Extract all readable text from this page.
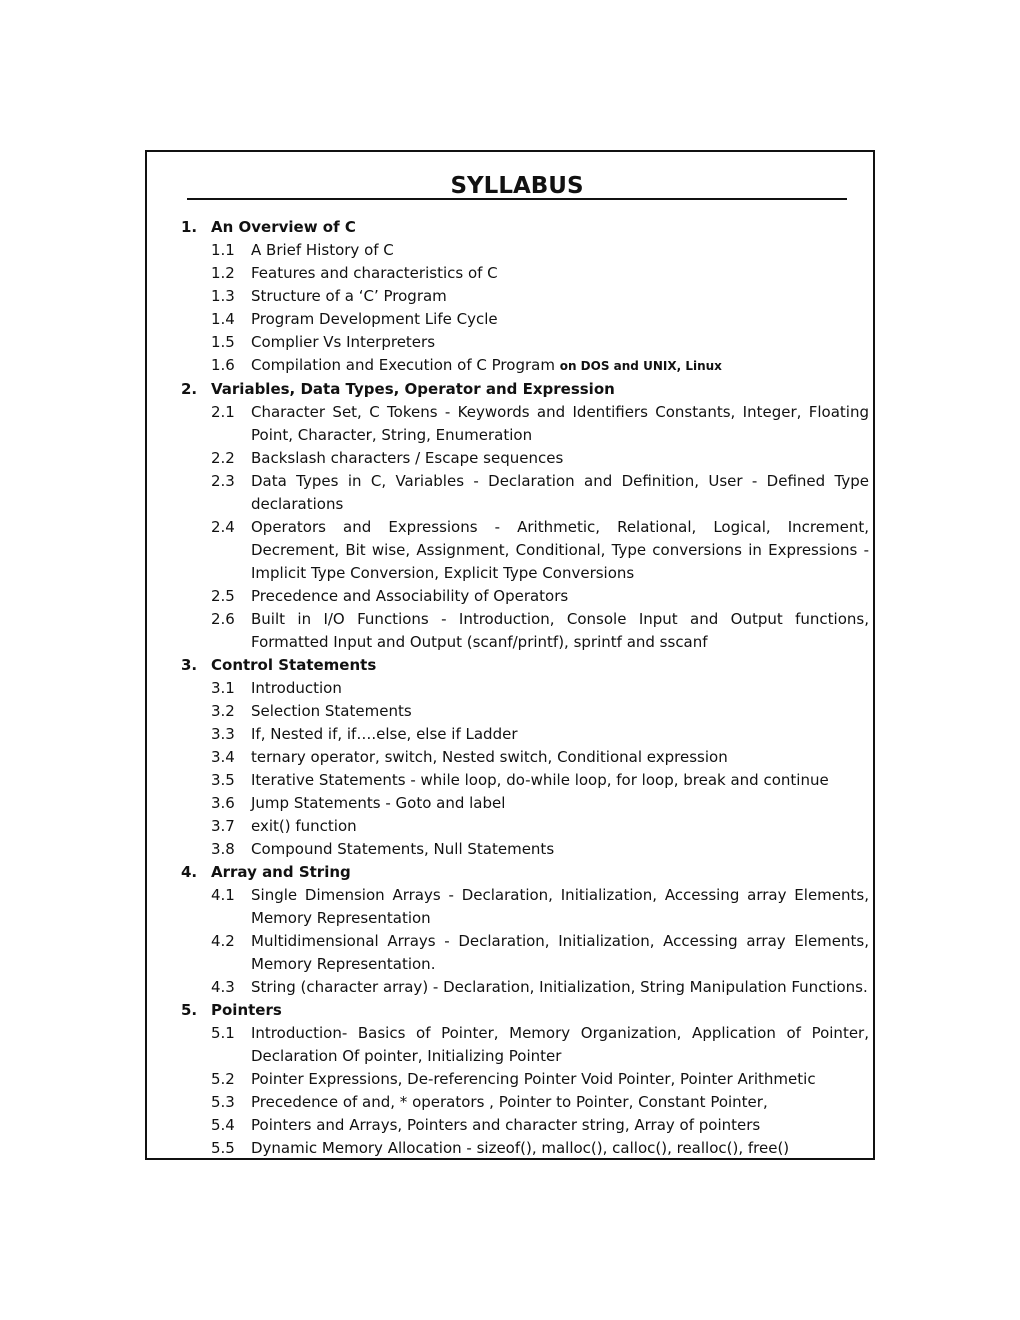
SYLLABUS
1. An Overview of C
1.1	A Brief History of C
1.2	Features and characteristics of C
1.3	Structure of a ‘C’ Program
1.4	Program Development Life Cycle
1.5	Complier Vs Interpreters
1.6	Compilation and Execution of C Program on DOS and UNIX, Linux
2. Variables, Data Types, Operator and Expression
2.1	Character Set, C Tokens - Keywords and Identifiers Constants, Integer, Floating Point, Character, String, Enumeration
2.2	Backslash characters / Escape sequences
2.3	Data Types in C, Variables - Declaration and Definition, User - Defined Type declarations
2.4	Operators and Expressions - Arithmetic, Relational, Logical, Increment, Decrement, Bit wise, Assignment, Conditional, Type conversions in Expressions - Implicit Type Conversion, Explicit Type Conversions
2.5	Precedence and Associability of Operators
2.6	Built in I/O Functions - Introduction, Console Input and Output functions, Formatted Input and Output (scanf/printf), sprintf and sscanf
3. Control Statements
3.1	Introduction
3.2	Selection Statements
3.3	If, Nested if, if….else, else if Ladder
3.4	ternary operator, switch, Nested switch, Conditional expression
3.5	Iterative Statements - while loop, do-while loop, for loop, break and continue
3.6	Jump Statements - Goto and label
3.7	exit() function
3.8	Compound Statements, Null Statements
4. Array and String
4.1	Single Dimension Arrays - Declaration, Initialization, Accessing array Elements, Memory Representation
4.2	Multidimensional Arrays - Declaration, Initialization, Accessing array Elements, Memory Representation.
4.3	String (character array) - Declaration, Initialization, String Manipulation Functions.
5. Pointers
5.1	Introduction- Basics of Pointer, Memory Organization, Application of Pointer, Declaration Of pointer, Initializing Pointer
5.2	Pointer Expressions, De-referencing Pointer Void Pointer, Pointer Arithmetic
5.3	Precedence of and, * operators , Pointer to Pointer, Constant Pointer,
5.4	Pointers and Arrays, Pointers and character string, Array of pointers
5.5	Dynamic Memory Allocation - sizeof(), malloc(), calloc(), realloc(), free()
